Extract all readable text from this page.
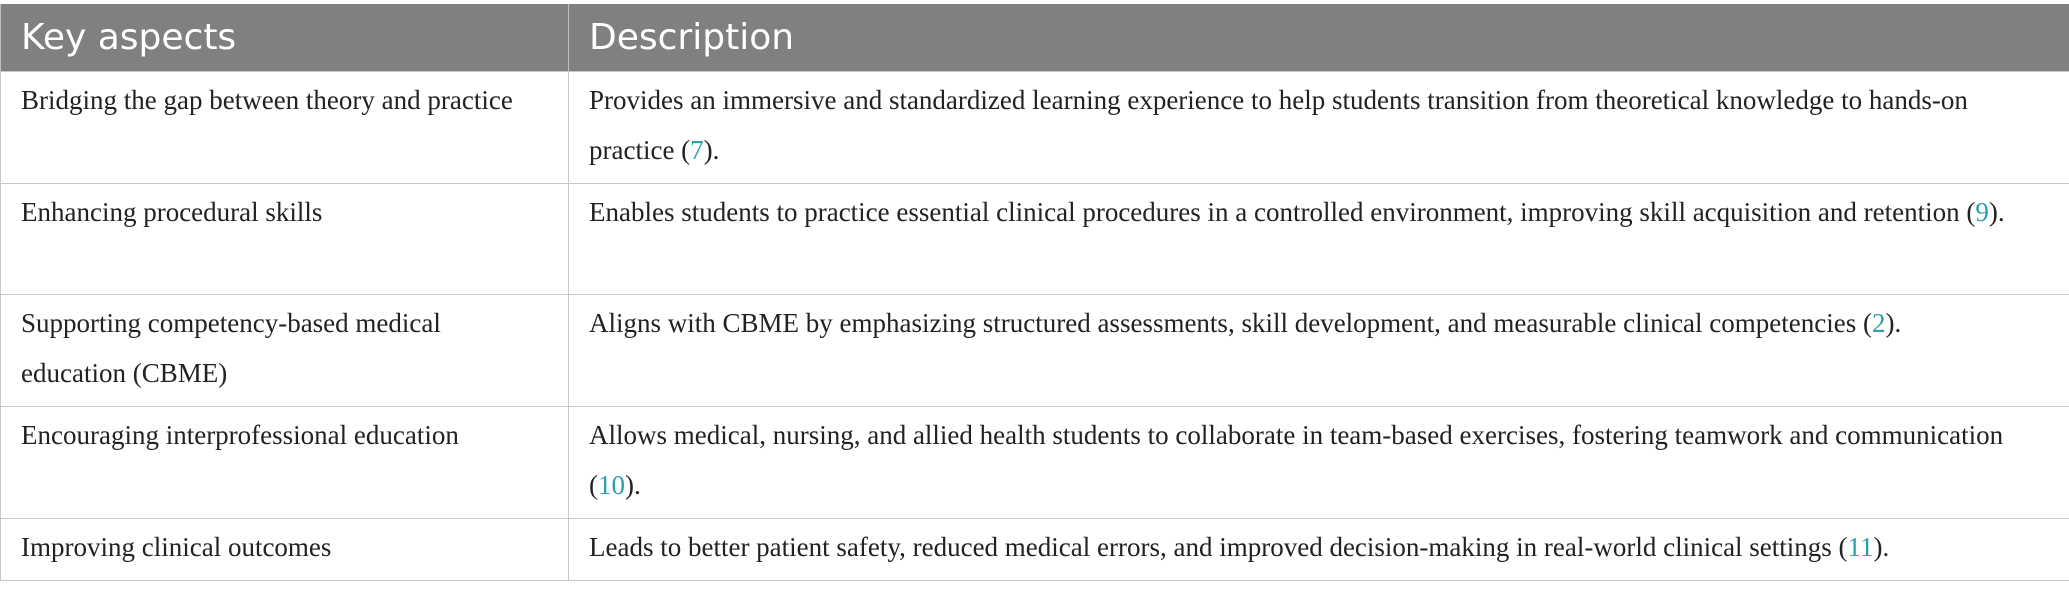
Key aspects	Description
Bridging the gap between theory and practice	Provides an immersive and standardized learning experience to help students transition from theoretical knowledge to hands-on practice (7).
Enhancing procedural skills	Enables students to practice essential clinical procedures in a controlled environment, improving skill acquisition and retention (9).
Supporting competency-based medical education (CBME)	Aligns with CBME by emphasizing structured assessments, skill development, and measurable clinical competencies (2).
Encouraging interprofessional education	Allows medical, nursing, and allied health students to collaborate in team-based exercises, fostering teamwork and communication (10).
Improving clinical outcomes	Leads to better patient safety, reduced medical errors, and improved decision-making in real-world clinical settings (11).
